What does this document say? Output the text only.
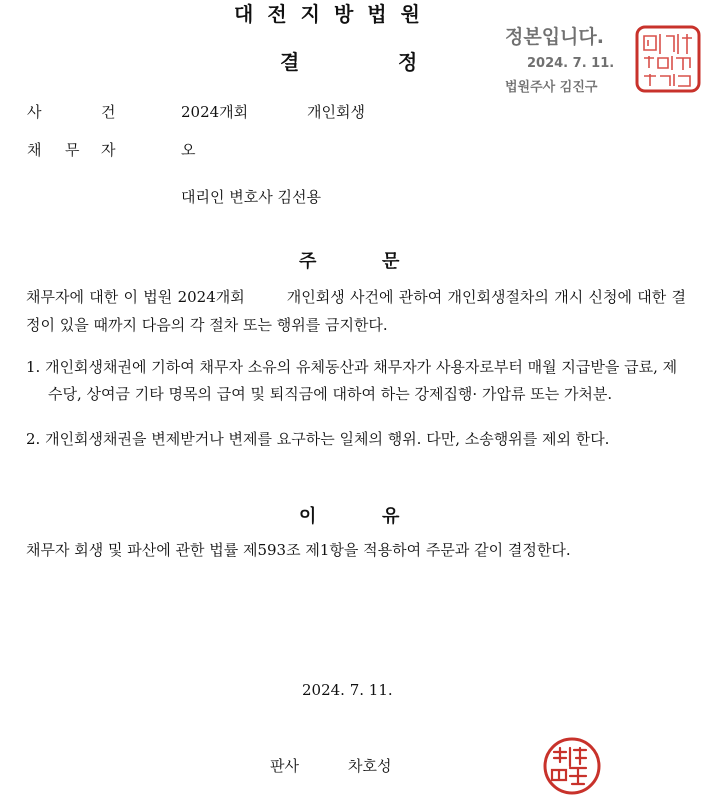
대전지방법원
결	정
정본입니다.
2024. 7. 11.
법원주사 김진구
사	건	2024개회	개인회생
채 무 자	오
대리인 변호사 김선용
주	문
채무자에 대한 이 법원 2024개회	개인회생 사건에 관하여 개인회생절차의 개시 신청에 대한 결정이 있을 때까지 다음의 각 절차 또는 행위를 금지한다.
1. 개인회생채권에 기하여 채무자 소유의 유체동산과 채무자가 사용자로부터 매월 지급받을 급료, 제수당, 상여금 기타 명목의 급여 및 퇴직금에 대하여 하는 강제집행· 가압류 또는 가처분.
2. 개인회생채권을 변제받거나 변제를 요구하는 일체의 행위. 다만, 소송행위를 제외 한다.
이	유
채무자 회생 및 파산에 관한 법률 제593조 제1항을 적용하여 주문과 같이 결정한다.
2024. 7. 11.
판사	차호성
